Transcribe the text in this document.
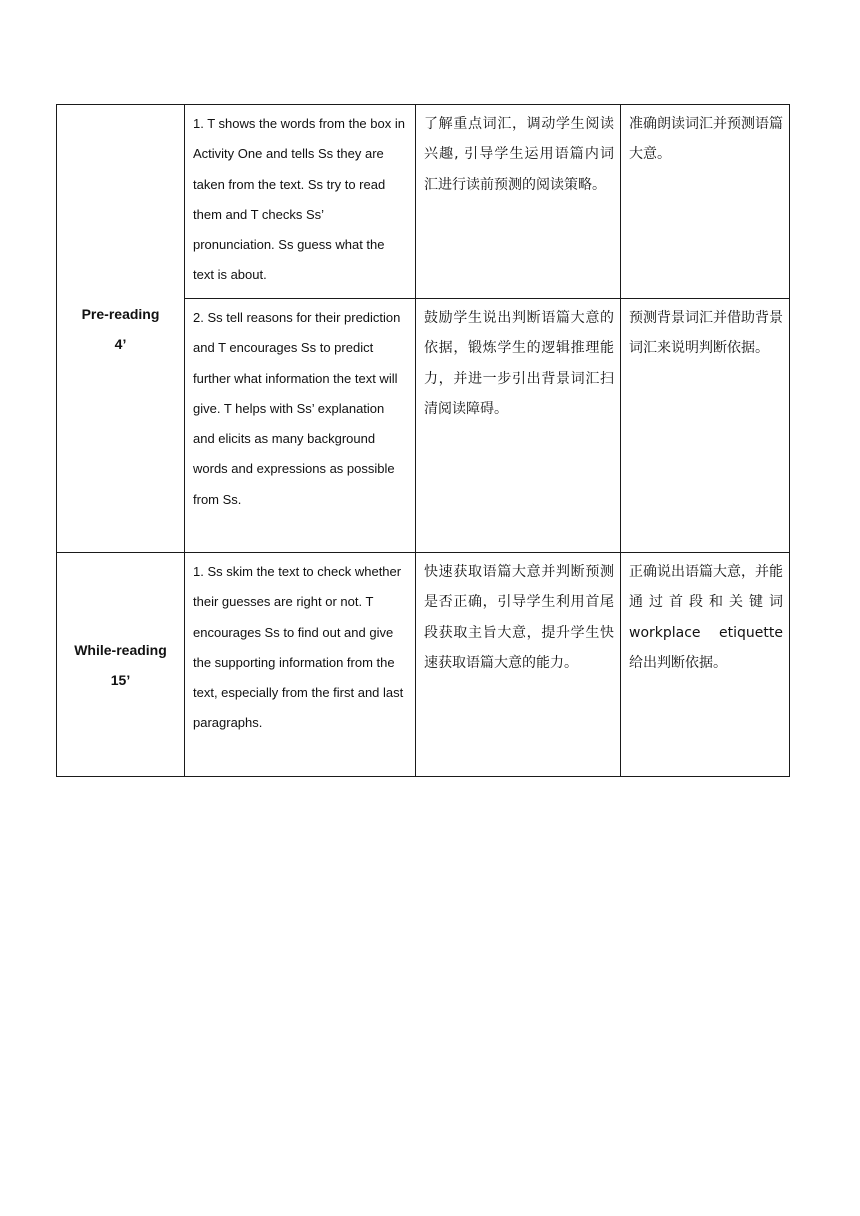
Pre-reading
4’	1. T shows the words from the box in Activity One and tells Ss they are taken from the text. Ss try to read them and T checks Ss’ pronunciation. Ss guess what the text is about.	了解重点词汇，调动学生阅读兴趣, 引导学生运用语篇内词汇进行读前预测的阅读策略。	准确朗读词汇并预测语篇大意。

	2. Ss tell reasons for their prediction and T encourages Ss to predict further what information the text will give. T helps with Ss’ explanation and elicits as many background words and expressions as possible from Ss.	鼓励学生说出判断语篇大意的依据，锻炼学生的逻辑推理能力，并进一步引出背景词汇扫清阅读障碍。	预测背景词汇并借助背景词汇来说明判断依据。

While-reading
15’	1. Ss skim the text to check whether their guesses are right or not. T encourages Ss to find out and give the supporting information from the text, especially from the first and last paragraphs.	快速获取语篇大意并判断预测是否正确，引导学生利用首尾段获取主旨大意，提升学生快速获取语篇大意的能力。	正确说出语篇大意，并能通过首段和关键词 workplace etiquette 给出判断依据。
